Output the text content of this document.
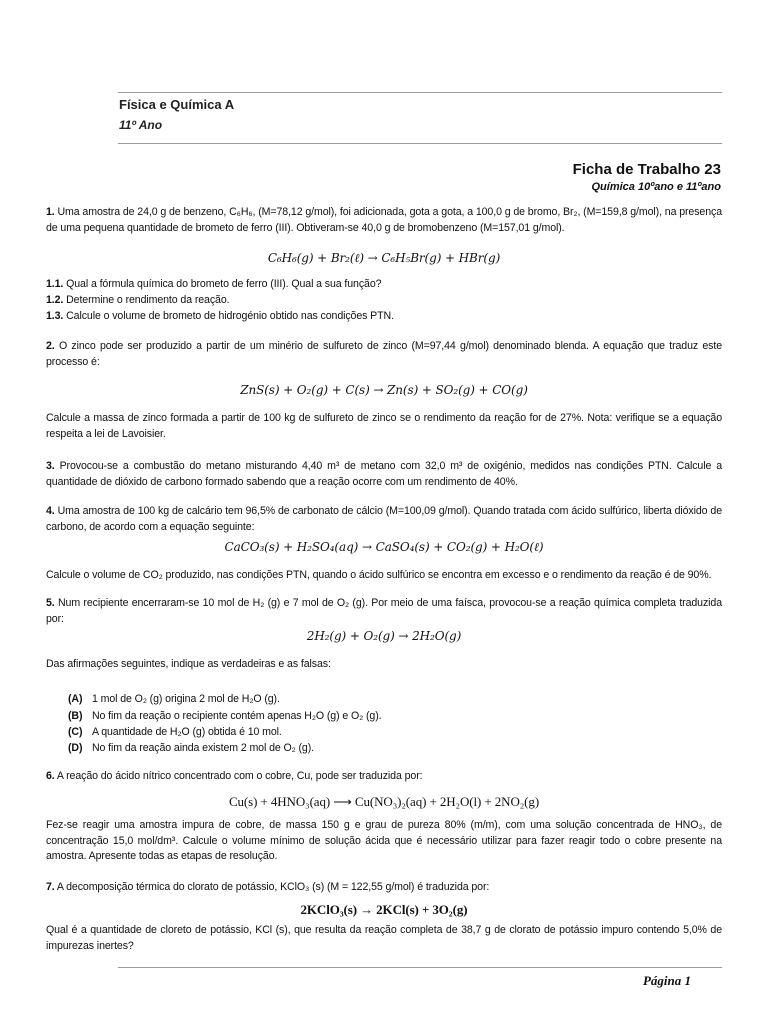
Física e Química A
11º Ano
Ficha de Trabalho 23
Química 10ºano e 11ºano
1. Uma amostra de 24,0 g de benzeno, C₆H₆, (M=78,12 g/mol), foi adicionada, gota a gota, a 100,0 g de bromo, Br₂, (M=159,8 g/mol), na presença de uma pequena quantidade de brometo de ferro (III). Obtiveram-se 40,0 g de bromobenzeno (M=157,01 g/mol).
C₆H₆(g) + Br₂(ℓ) → C₆H₅Br(g) + HBr(g)
1.1. Qual a fórmula química do brometo de ferro (III). Qual a sua função?
1.2. Determine o rendimento da reação.
1.3. Calcule o volume de brometo de hidrogénio obtido nas condições PTN.
2. O zinco pode ser produzido a partir de um minério de sulfureto de zinco (M=97,44 g/mol) denominado blenda. A equação que traduz este processo é:
ZnS(s) + O₂(g) + C(s) → Zn(s) + SO₂(g) + CO(g)
Calcule a massa de zinco formada a partir de 100 kg de sulfureto de zinco se o rendimento da reação for de 27%. Nota: verifique se a equação respeita a lei de Lavoisier.
3. Provocou-se a combustão do metano misturando 4,40 m³ de metano com 32,0 m³ de oxigénio, medidos nas condições PTN. Calcule a quantidade de dióxido de carbono formado sabendo que a reação ocorre com um rendimento de 40%.
4. Uma amostra de 100 kg de calcário tem 96,5% de carbonato de cálcio (M=100,09 g/mol). Quando tratada com ácido sulfúrico, liberta dióxido de carbono, de acordo com a equação seguinte:
CaCO₃(s) + H₂SO₄(aq) → CaSO₄(s) + CO₂(g) + H₂O(ℓ)
Calcule o volume de CO₂ produzido, nas condições PTN, quando o ácido sulfúrico se encontra em excesso e o rendimento da reação é de 90%.
5. Num recipiente encerraram-se 10 mol de H₂ (g) e 7 mol de O₂ (g). Por meio de uma faísca, provocou-se a reação química completa traduzida por:
2H₂(g) + O₂(g) → 2H₂O(g)
Das afirmações seguintes, indique as verdadeiras e as falsas:
(A) 1 mol de O₂ (g) origina 2 mol de H₂O (g).
(B) No fim da reação o recipiente contém apenas H₂O (g) e O₂ (g).
(C) A quantidade de H₂O (g) obtida é 10 mol.
(D) No fim da reação ainda existem 2 mol de O₂ (g).
6. A reação do ácido nítrico concentrado com o cobre, Cu, pode ser traduzida por:
Cu(s) + 4HNO₃(aq) ⟶ Cu(NO₃)₂(aq) + 2H₂O(l) + 2NO₂(g)
Fez-se reagir uma amostra impura de cobre, de massa 150 g e grau de pureza 80% (m/m), com uma solução concentrada de HNO₃, de concentração 15,0 mol/dm³. Calcule o volume mínimo de solução ácida que é necessário utilizar para fazer reagir todo o cobre presente na amostra. Apresente todas as etapas de resolução.
7. A decomposição térmica do clorato de potássio, KClO₃ (s) (M = 122,55 g/mol) é traduzida por:
2KClO₃(s) → 2KCl(s) + 3O₂(g)
Qual é a quantidade de cloreto de potássio, KCl (s), que resulta da reação completa de 38,7 g de clorato de potássio impuro contendo 5,0% de impurezas inertes?
Página 1
